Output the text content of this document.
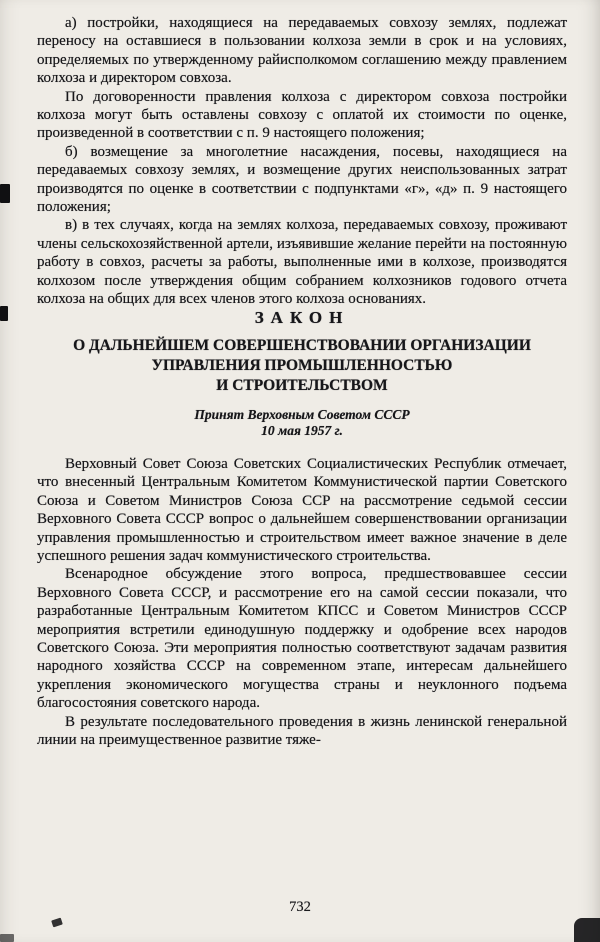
а) постройки, находящиеся на передаваемых совхозу землях, подлежат переносу на оставшиеся в пользовании колхоза земли в срок и на условиях, определяемых по утвержденному райисполкомом соглашению между правлением колхоза и директором совхоза.

По договоренности правления колхоза с директором совхоза постройки колхоза могут быть оставлены совхозу с оплатой их стоимости по оценке, произведенной в соответствии с п. 9 настоящего положения;

б) возмещение за многолетние насаждения, посевы, находящиеся на передаваемых совхозу землях, и возмещение других неиспользованных затрат производятся по оценке в соответствии с подпунктами «г», «д» п. 9 настоящего положения;

в) в тех случаях, когда на землях колхоза, передаваемых совхозу, проживают члены сельскохозяйственной артели, изъявившие желание перейти на постоянную работу в совхоз, расчеты за работы, выполненные ими в колхозе, производятся колхозом после утверждения общим собранием колхозников годового отчета колхоза на общих для всех членов этого колхоза основаниях.

ЗАКОН

О ДАЛЬНЕЙШЕМ СОВЕРШЕНСТВОВАНИИ ОРГАНИЗАЦИИ
УПРАВЛЕНИЯ ПРОМЫШЛЕННОСТЬЮ
И СТРОИТЕЛЬСТВОМ
Принят Верховным Советом СССР
10 мая 1957 г.

Верховный Совет Союза Советских Социалистических Республик отмечает, что внесенный Центральным Комитетом Коммунистической партии Советского Союза и Советом Министров Союза ССР на рассмотрение седьмой сессии Верховного Совета СССР вопрос о дальнейшем совершенствовании организации управления промышленностью и строительством имеет важное значение в деле успешного решения задач коммунистического строительства.

Всенародное обсуждение этого вопроса, предшествовавшее сессии Верховного Совета СССР, и рассмотрение его на самой сессии показали, что разработанные Центральным Комитетом КПСС и Советом Министров СССР мероприятия встретили единодушную поддержку и одобрение всех народов Советского Союза. Эти мероприятия полностью соответствуют задачам развития народного хозяйства СССР на современном этапе, интересам дальнейшего укрепления экономического могущества страны и неуклонного подъема благосостояния советского народа.

В результате последовательного проведения в жизнь ленинской генеральной линии на преимущественное развитие тяже-

732
